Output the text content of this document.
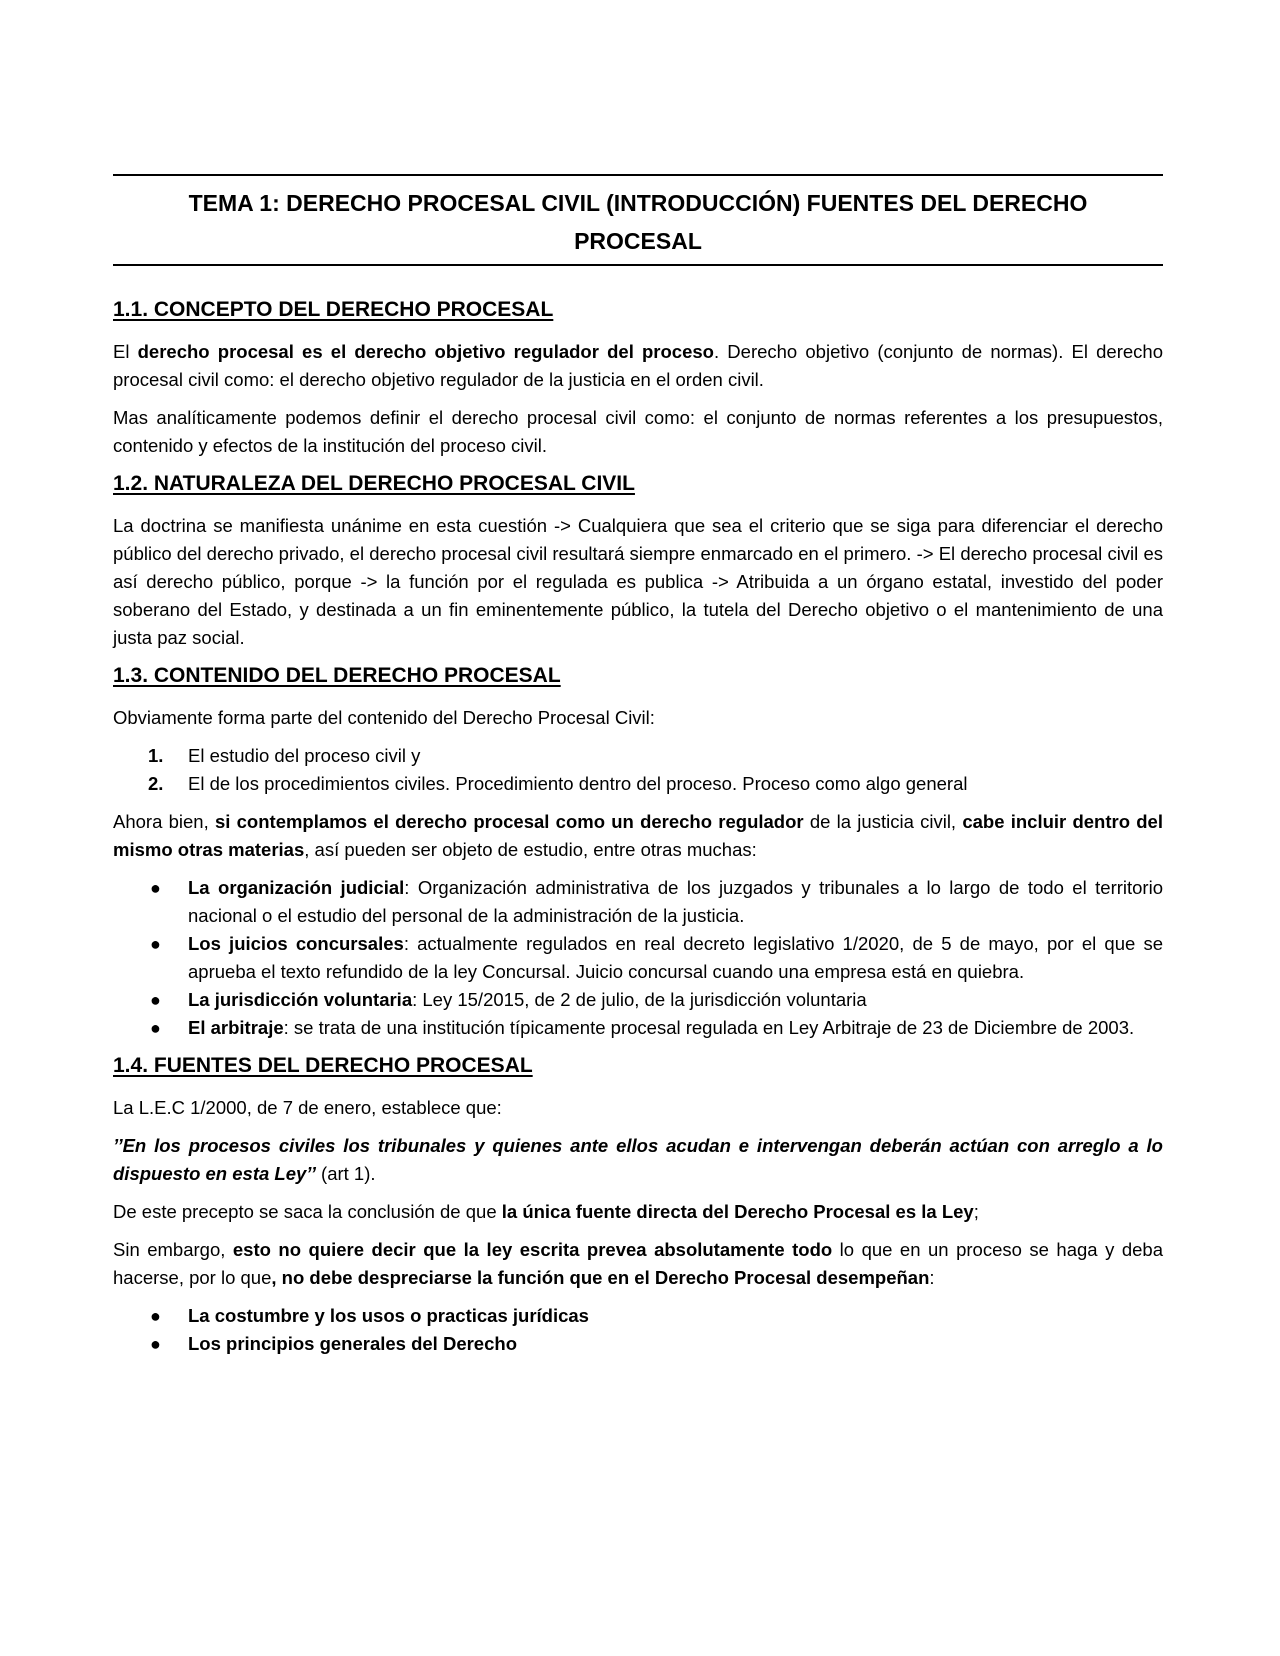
TEMA 1: DERECHO PROCESAL CIVIL (INTRODUCCIÓN) FUENTES DEL DERECHO
PROCESAL
1.1. CONCEPTO DEL DERECHO PROCESAL

El derecho procesal es el derecho objetivo regulador del proceso. Derecho objetivo (conjunto de normas). El derecho procesal civil como: el derecho objetivo regulador de la justicia en el orden civil.

Mas analíticamente podemos definir el derecho procesal civil como: el conjunto de normas referentes a los presupuestos, contenido y efectos de la institución del proceso civil.

1.2. NATURALEZA DEL DERECHO PROCESAL CIVIL

La doctrina se manifiesta unánime en esta cuestión -> Cualquiera que sea el criterio que se siga para diferenciar el derecho público del derecho privado, el derecho procesal civil resultará siempre enmarcado en el primero. -> El derecho procesal civil es así derecho público, porque -> la función por el regulada es publica -> Atribuida a un órgano estatal, investido del poder soberano del Estado, y destinada a un fin eminentemente público, la tutela del Derecho objetivo o el mantenimiento de una justa paz social.

1.3. CONTENIDO DEL DERECHO PROCESAL

Obviamente forma parte del contenido del Derecho Procesal Civil:

1. El estudio del proceso civil y
2. El de los procedimientos civiles. Procedimiento dentro del proceso. Proceso como algo general

Ahora bien, si contemplamos el derecho procesal como un derecho regulador de la justicia civil, cabe incluir dentro del mismo otras materias, así pueden ser objeto de estudio, entre otras muchas:

● La organización judicial: Organización administrativa de los juzgados y tribunales a lo largo de todo el territorio nacional o el estudio del personal de la administración de la justicia.
● Los juicios concursales: actualmente regulados en real decreto legislativo 1/2020, de 5 de mayo, por el que se aprueba el texto refundido de la ley Concursal. Juicio concursal cuando una empresa está en quiebra.
● La jurisdicción voluntaria: Ley 15/2015, de 2 de julio, de la jurisdicción voluntaria
● El arbitraje: se trata de una institución típicamente procesal regulada en Ley Arbitraje de 23 de Diciembre de 2003.
1.4. FUENTES DEL DERECHO PROCESAL

La L.E.C 1/2000, de 7 de enero, establece que:

’’En los procesos civiles los tribunales y quienes ante ellos acudan e intervengan deberán actúan con arreglo a lo dispuesto en esta Ley’’ (art 1).

De este precepto se saca la conclusión de que la única fuente directa del Derecho Procesal es la Ley;

Sin embargo, esto no quiere decir que la ley escrita prevea absolutamente todo lo que en un proceso se haga y deba hacerse, por lo que, no debe despreciarse la función que en el Derecho Procesal desempeñan:

● La costumbre y los usos o practicas jurídicas
● Los principios generales del Derecho
